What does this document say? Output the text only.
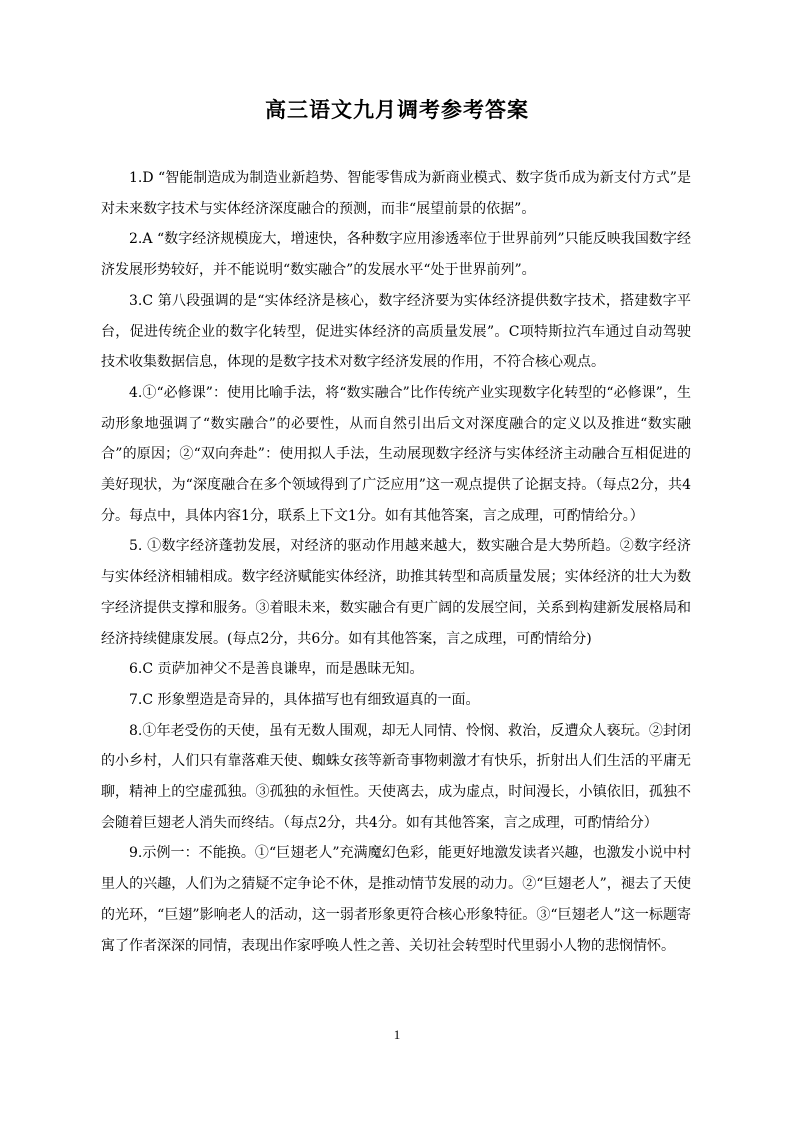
高三语文九月调考参考答案

1.D “智能制造成为制造业新趋势、智能零售成为新商业模式、数字货币成为新支付方式”是对未来数字技术与实体经济深度融合的预测，而非“展望前景的依据”。

2.A “数字经济规模庞大，增速快，各种数字应用渗透率位于世界前列”只能反映我国数字经济发展形势较好，并不能说明“数实融合”的发展水平“处于世界前列”。

3.C 第八段强调的是“实体经济是核心，数字经济要为实体经济提供数字技术，搭建数字平台，促进传统企业的数字化转型，促进实体经济的高质量发展”。C项特斯拉汽车通过自动驾驶技术收集数据信息，体现的是数字技术对数字经济发展的作用，不符合核心观点。

4.①“必修课”：使用比喻手法，将“数实融合”比作传统产业实现数字化转型的“必修课”，生动形象地强调了“数实融合”的必要性，从而自然引出后文对深度融合的定义以及推进“数实融合”的原因；②“双向奔赴”：使用拟人手法，生动展现数字经济与实体经济主动融合互相促进的美好现状，为“深度融合在多个领域得到了广泛应用”这一观点提供了论据支持。（每点2分，共4分。每点中，具体内容1分，联系上下文1分。如有其他答案，言之成理，可酌情给分。）

5. ①数字经济蓬勃发展，对经济的驱动作用越来越大，数实融合是大势所趋。②数字经济与实体经济相辅相成。数字经济赋能实体经济，助推其转型和高质量发展；实体经济的壮大为数字经济提供支撑和服务。③着眼未来，数实融合有更广阔的发展空间，关系到构建新发展格局和经济持续健康发展。(每点2分，共6分。如有其他答案，言之成理，可酌情给分)

6.C 贡萨加神父不是善良谦卑，而是愚昧无知。

7.C 形象塑造是奇异的，具体描写也有细致逼真的一面。

8.①年老受伤的天使，虽有无数人围观，却无人同情、怜悯、救治，反遭众人亵玩。②封闭的小乡村，人们只有靠落难天使、蜘蛛女孩等新奇事物刺激才有快乐，折射出人们生活的平庸无聊，精神上的空虚孤独。③孤独的永恒性。天使离去，成为虚点，时间漫长，小镇依旧，孤独不会随着巨翅老人消失而终结。（每点2分，共4分。如有其他答案，言之成理，可酌情给分）

9.示例一：不能换。①“巨翅老人”充满魔幻色彩，能更好地激发读者兴趣，也激发小说中村里人的兴趣，人们为之猜疑不定争论不休，是推动情节发展的动力。②“巨翅老人”，褪去了天使的光环，“巨翅”影响老人的活动，这一弱者形象更符合核心形象特征。③“巨翅老人”这一标题寄寓了作者深深的同情，表现出作家呼唤人性之善、关切社会转型时代里弱小人物的悲悯情怀。

1
